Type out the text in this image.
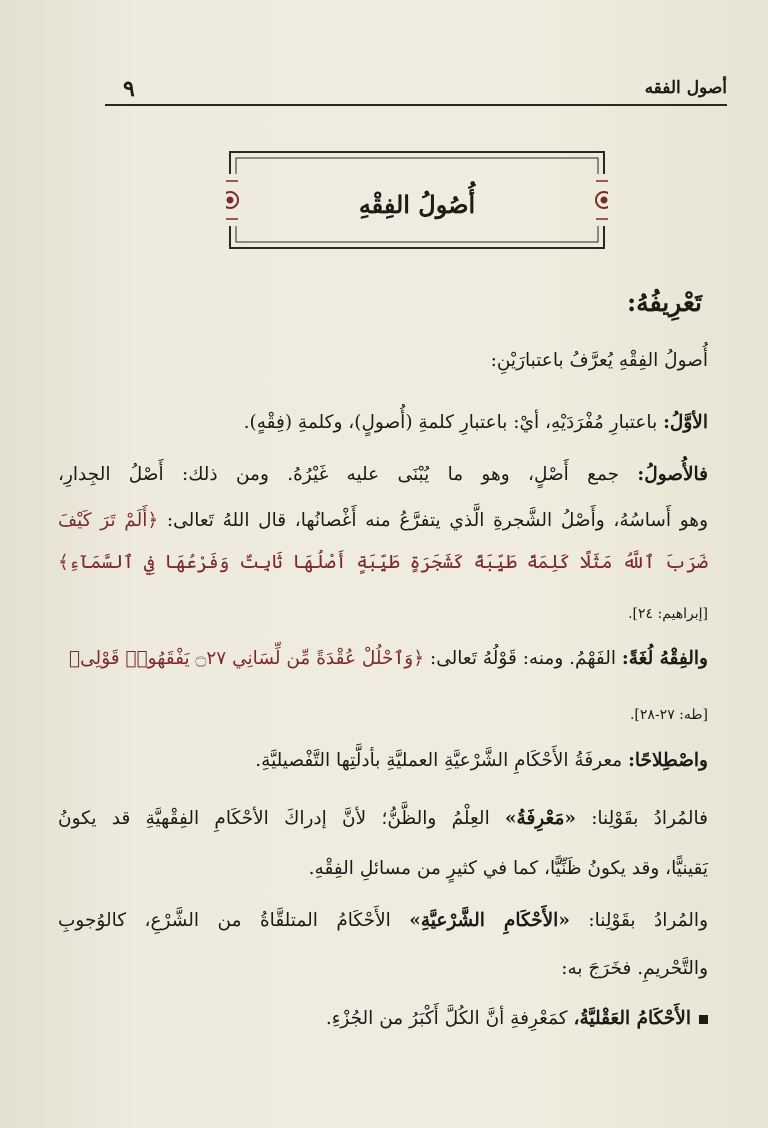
٩	أصول الفقه
أُصُولُ الفِقْهِ
تَعْرِيفُهُ:
أُصولُ الفِقْهِ يُعرَّفُ باعتبارَيْنِ:
الأوَّلُ: باعتبارِ مُفْرَدَيْهِ، أيْ: باعتبارِ كلمةِ (أُصولٍ)، وكلمةِ (فِقْهٍ).
فالأُصولُ: جمع أَصْلٍ، وهو ما يُبْنَى عليه غَيْرُهُ. ومن ذلك: أَصْلُ الجِدارِ،
وهو أَساسُهُ، وأَصْلُ الشَّجرةِ الَّذي يتفرَّعُ منه أَغْصانُها، قال اللهُ تَعالى: ﴿أَلَمْ تَرَ كَيْفَ
ضَرَبَ ٱللَّهُ مَثَلًا كَلِمَةً طَيِّبَةً كَشَجَرَةٍ طَيِّبَةٍ أَصْلُهَا ثَابِتٌ وَفَرْعُهَا فِي ٱلسَّمَآءِ﴾
[إبراهيم: ٢٤].
والفِقْهُ لُغَةً: الفَهْمُ. ومنه: قَوْلُهُ تَعالى: ﴿وَٱحْلُلْ عُقْدَةً مِّن لِّسَانِي ۝٢٧ يَفْقَهُوا۟ قَوْلِى﴾
[طه: ٢٧-٢٨].
واصْطِلاحًا: معرفَةُ الأَحْكَامِ الشَّرْعيَّةِ العمليَّةِ بأدلَّتِها التَّفْصيليَّةِ.
فالمُرادُ بقَوْلِنا: «مَعْرِفَةُ» العِلْمُ والظَّنُّ؛ لأنَّ إدراكَ الأحْكَامِ الفِقْهيَّةِ قد يكونُ
يَقينيًّا، وقد يكونُ ظَنِّيًّا، كما في كثيرٍ من مسائلِ الفِقْهِ.
والمُرادُ بقَوْلِنا: «الأَحْكَامِ الشَّرْعيَّةِ» الأَحْكَامُ المتلقَّاةُ من الشَّرْعِ، كالوُجوبِ
والتَّحْريمِ. فخَرَجَ به:
الأَحْكَامُ العَقْليَّةُ، كمَعْرِفةِ أنَّ الكُلَّ أَكْبَرُ من الجُزْءِ.
